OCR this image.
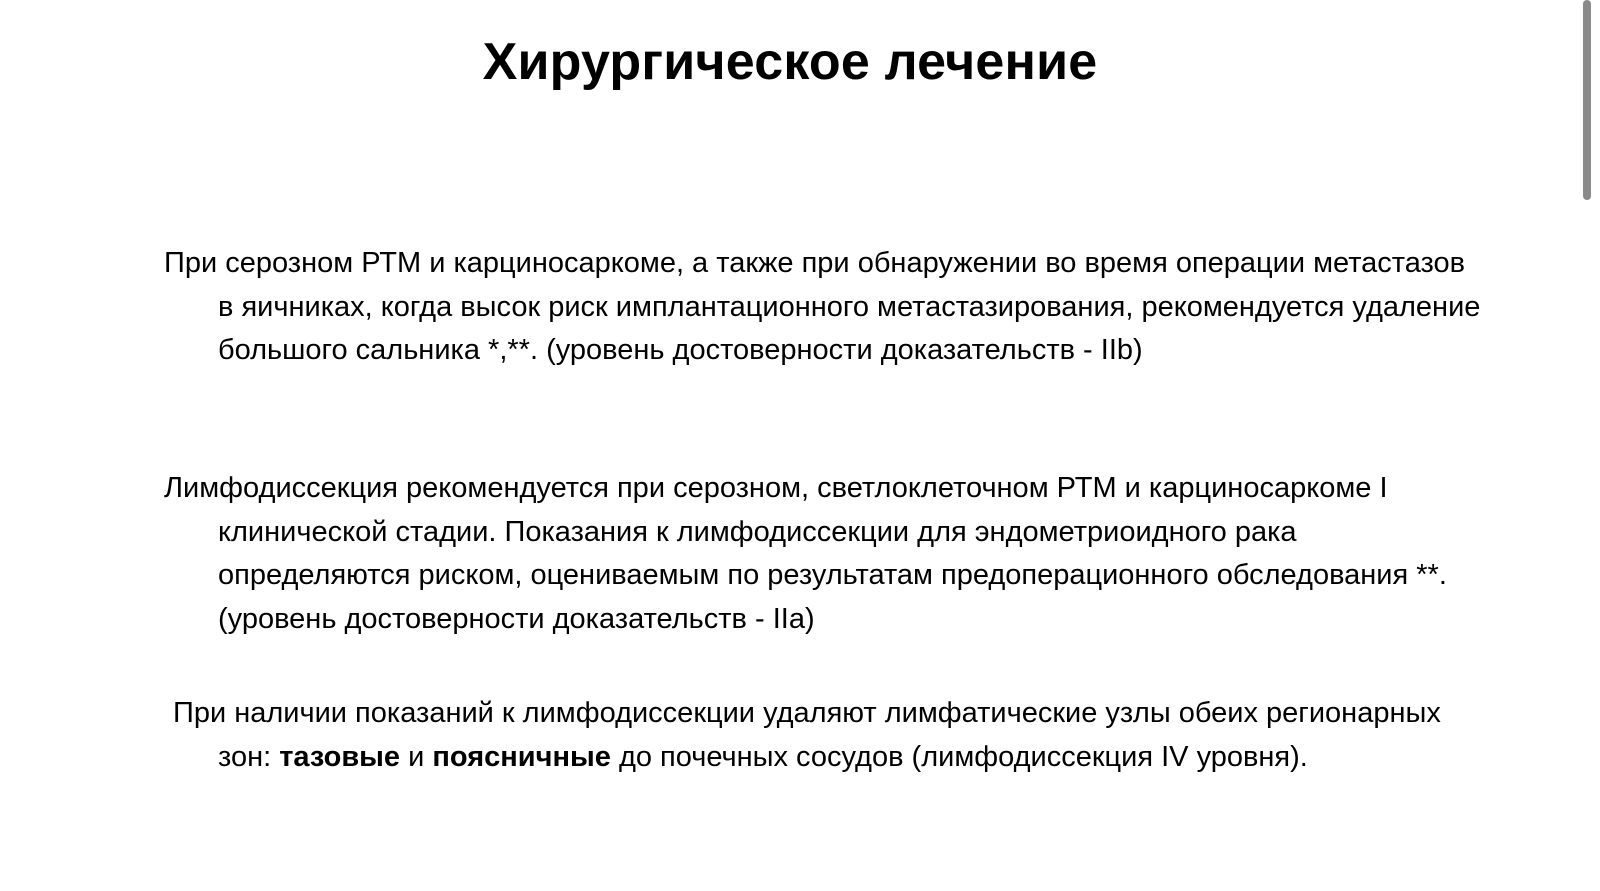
Хирургическое лечение

При серозном РТМ и карциносаркоме, а также при обнаружении во время операции метастазов в яичниках, когда высок риск имплантационного метастазирования, рекомендуется удаление большого сальника *,**. (уровень достоверности доказательств - IIb)

Лимфодиссекция рекомендуется при серозном, светлоклеточном РТМ и карциносаркоме I клинической стадии. Показания к лимфодиссекции для эндометриоидного рака определяются риском, оцениваемым по результатам предоперационного обследования **. (уровень достоверности доказательств - IIa)

При наличии показаний к лимфодиссекции удаляют лимфатические узлы обеих регионарных зон: тазовые и поясничные до почечных сосудов (лимфодиссекция IV уровня).
